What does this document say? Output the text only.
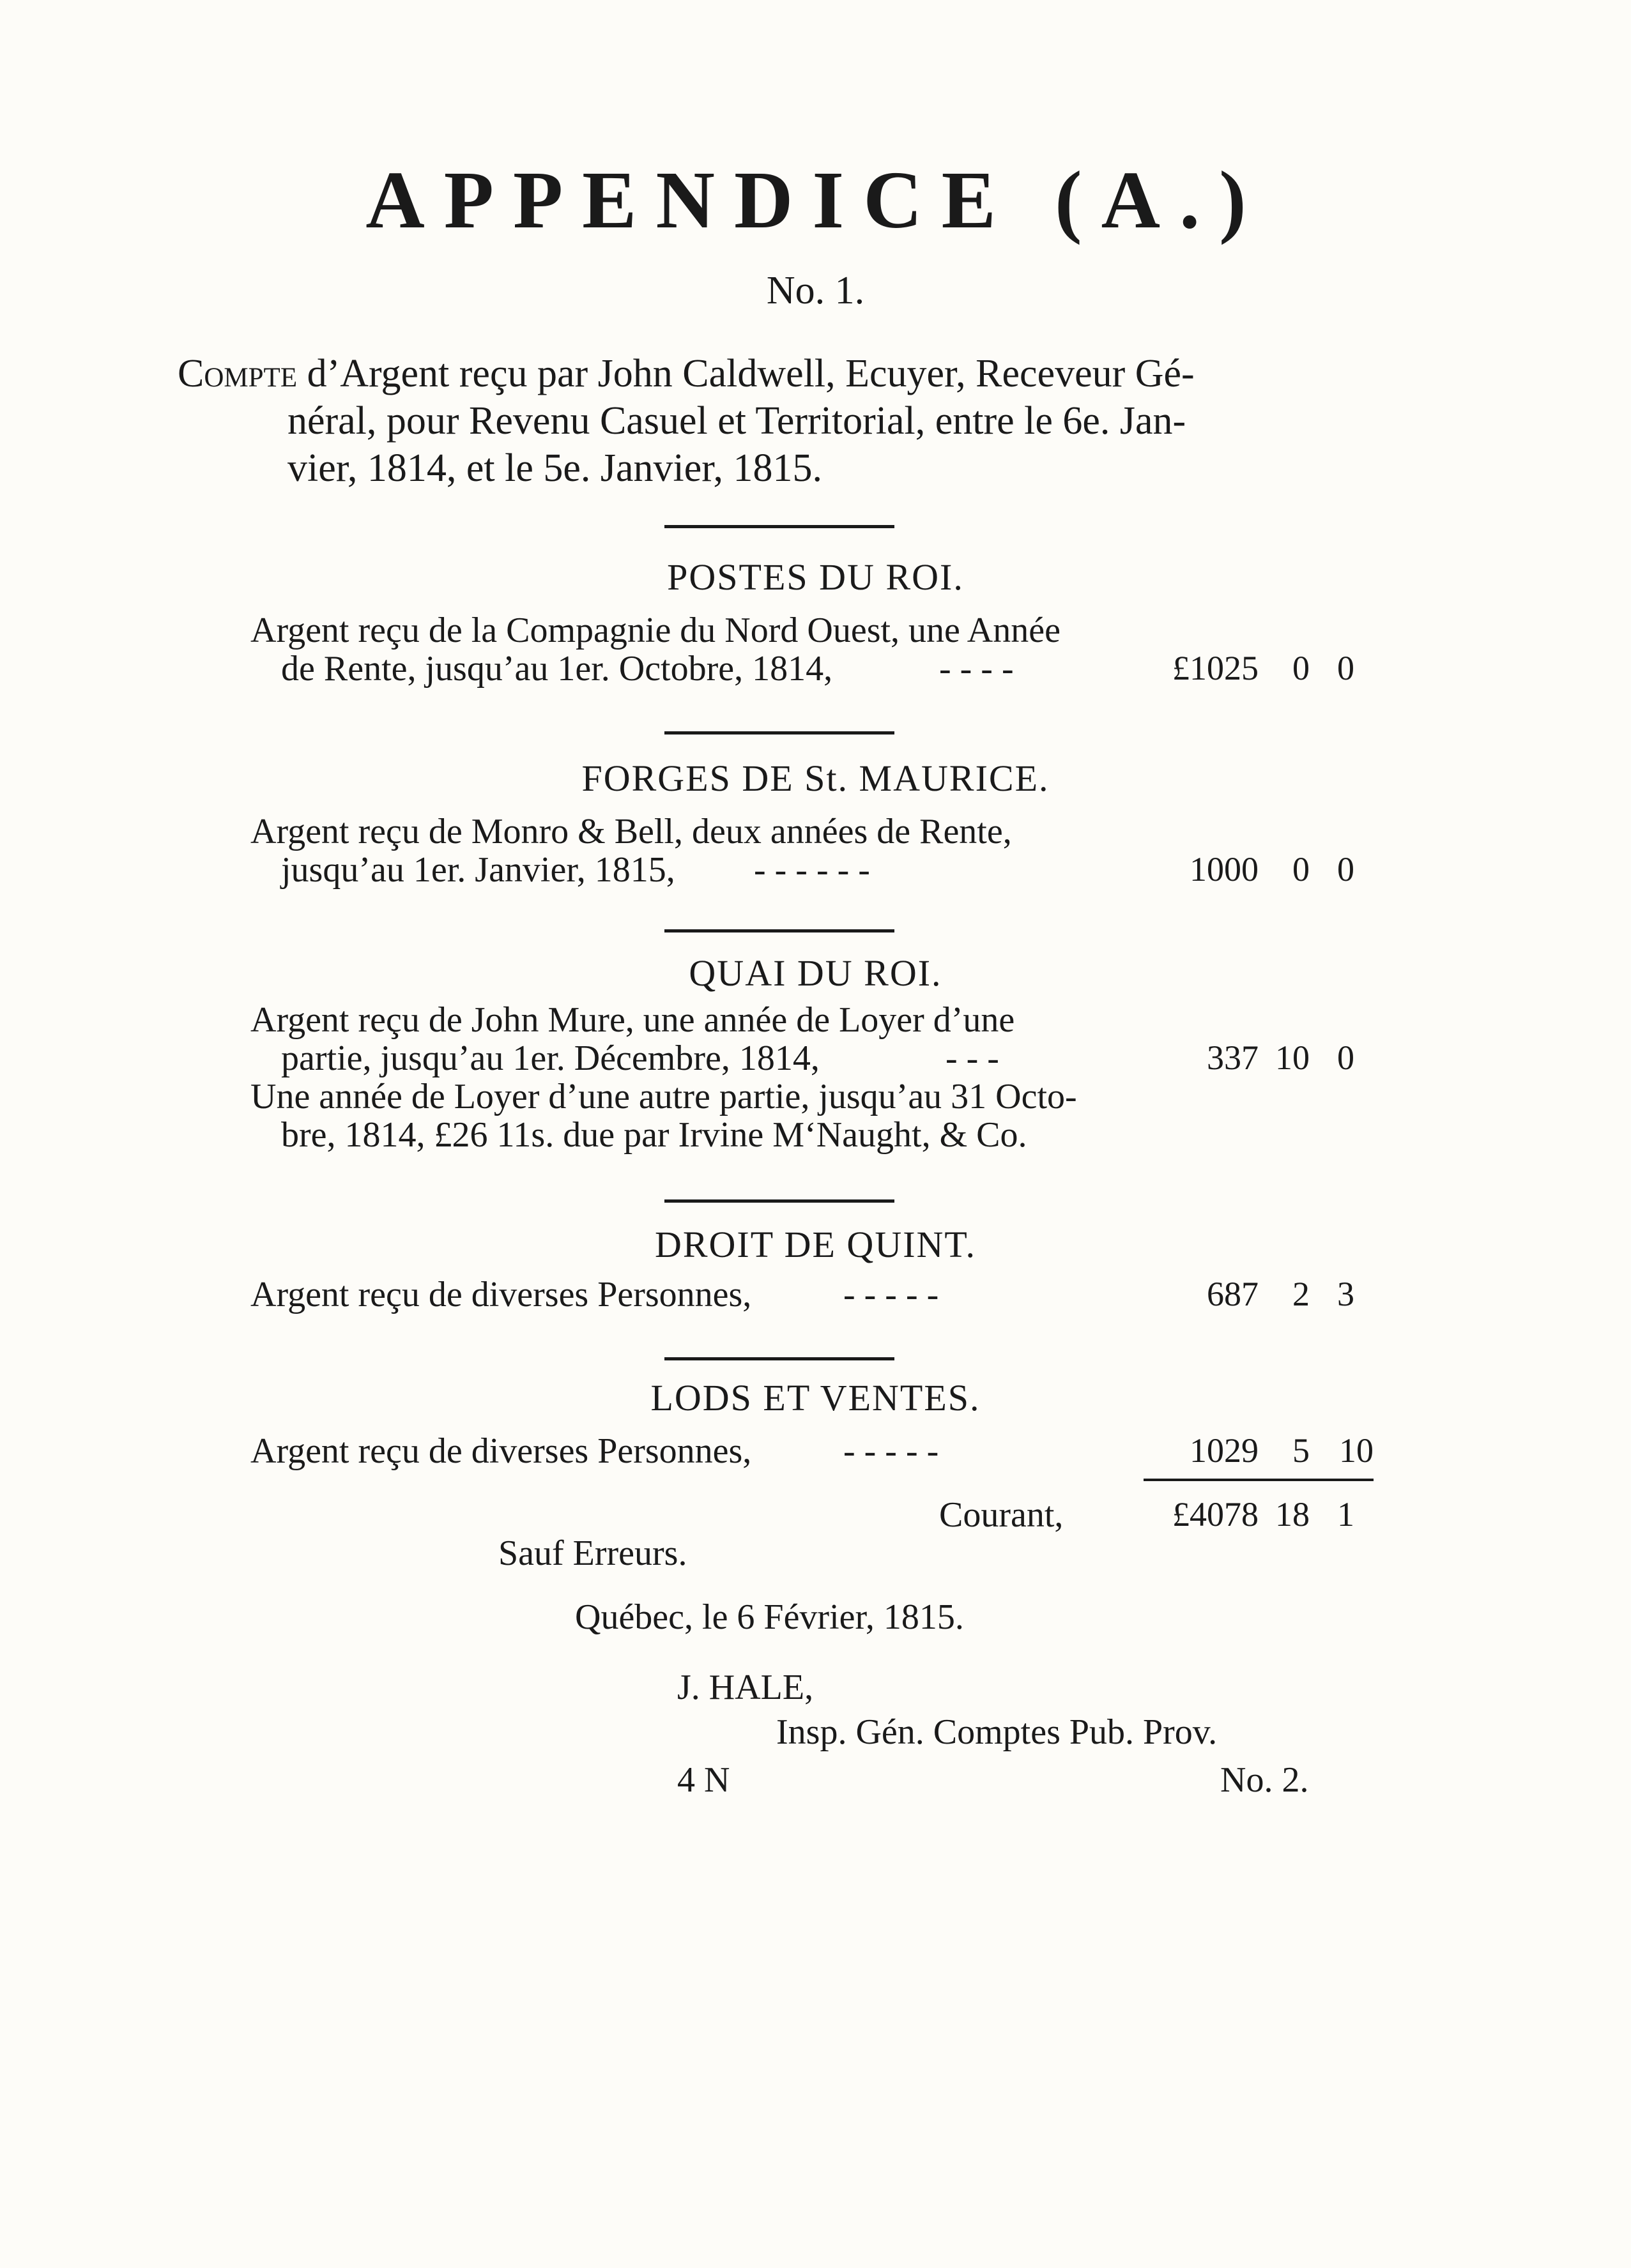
APPENDICE (A.)
No. 1.
Compte d’Argent reçu par John Caldwell, Ecuyer, Receveur Gé-
néral, pour Revenu Casuel et Territorial, entre le 6e. Jan-
vier, 1814, et le 5e. Janvier, 1815.
POSTES DU ROI.
Argent reçu de la Compagnie du Nord Ouest, une Année
de Rente, jusqu’au 1er. Octobre, 1814,	- - - -	£1025 0 0
FORGES DE St. MAURICE.
Argent reçu de Monro & Bell, deux années de Rente,
jusqu’au 1er. Janvier, 1815, - - - - - -	1000 0 0
QUAI DU ROI.
Argent reçu de John Mure, une année de Loyer d’une
partie, jusqu’au 1er. Décembre, 1814,	- - -	337 10 0
Une année de Loyer d’une autre partie, jusqu’au 31 Octo-
bre, 1814, £26 11s. due par Irvine M‘Naught, & Co.
DROIT DE QUINT.
Argent reçu de diverses Personnes,	- - - - -	687 2 3
LODS ET VENTES.
Argent reçu de diverses Personnes,	- - - - -	1029 5 10
Courant,	£4078 18 1
Sauf Erreurs.
Québec, le 6 Février, 1815.
J. HALE,
Insp. Gén. Comptes Pub. Prov.
4 N	No. 2.
